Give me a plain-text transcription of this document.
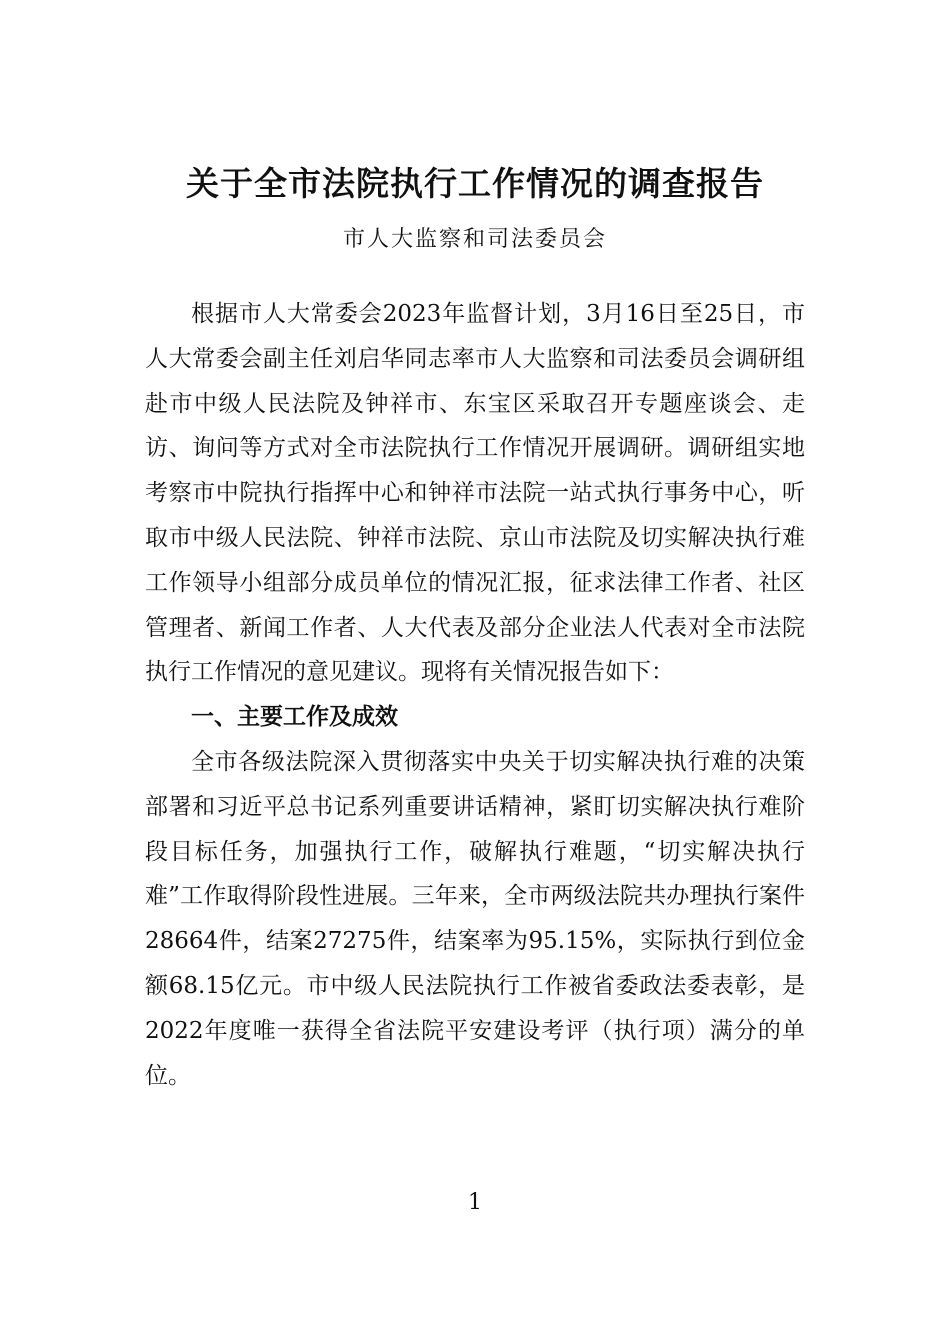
关于全市法院执行工作情况的调查报告

市人大监察和司法委员会

根据市人大常委会2023年监督计划，3月16日至25日，市人大常委会副主任刘启华同志率市人大监察和司法委员会调研组赴市中级人民法院及钟祥市、东宝区采取召开专题座谈会、走访、询问等方式对全市法院执行工作情况开展调研。调研组实地考察市中院执行指挥中心和钟祥市法院一站式执行事务中心，听取市中级人民法院、钟祥市法院、京山市法院及切实解决执行难工作领导小组部分成员单位的情况汇报，征求法律工作者、社区管理者、新闻工作者、人大代表及部分企业法人代表对全市法院执行工作情况的意见建议。现将有关情况报告如下：

一、主要工作及成效

全市各级法院深入贯彻落实中央关于切实解决执行难的决策部署和习近平总书记系列重要讲话精神，紧盯切实解决执行难阶段目标任务，加强执行工作，破解执行难题，“切实解决执行难”工作取得阶段性进展。三年来，全市两级法院共办理执行案件28664件，结案27275件，结案率为95.15%，实际执行到位金额68.15亿元。市中级人民法院执行工作被省委政法委表彰，是2022年度唯一获得全省法院平安建设考评（执行项）满分的单位。

1
